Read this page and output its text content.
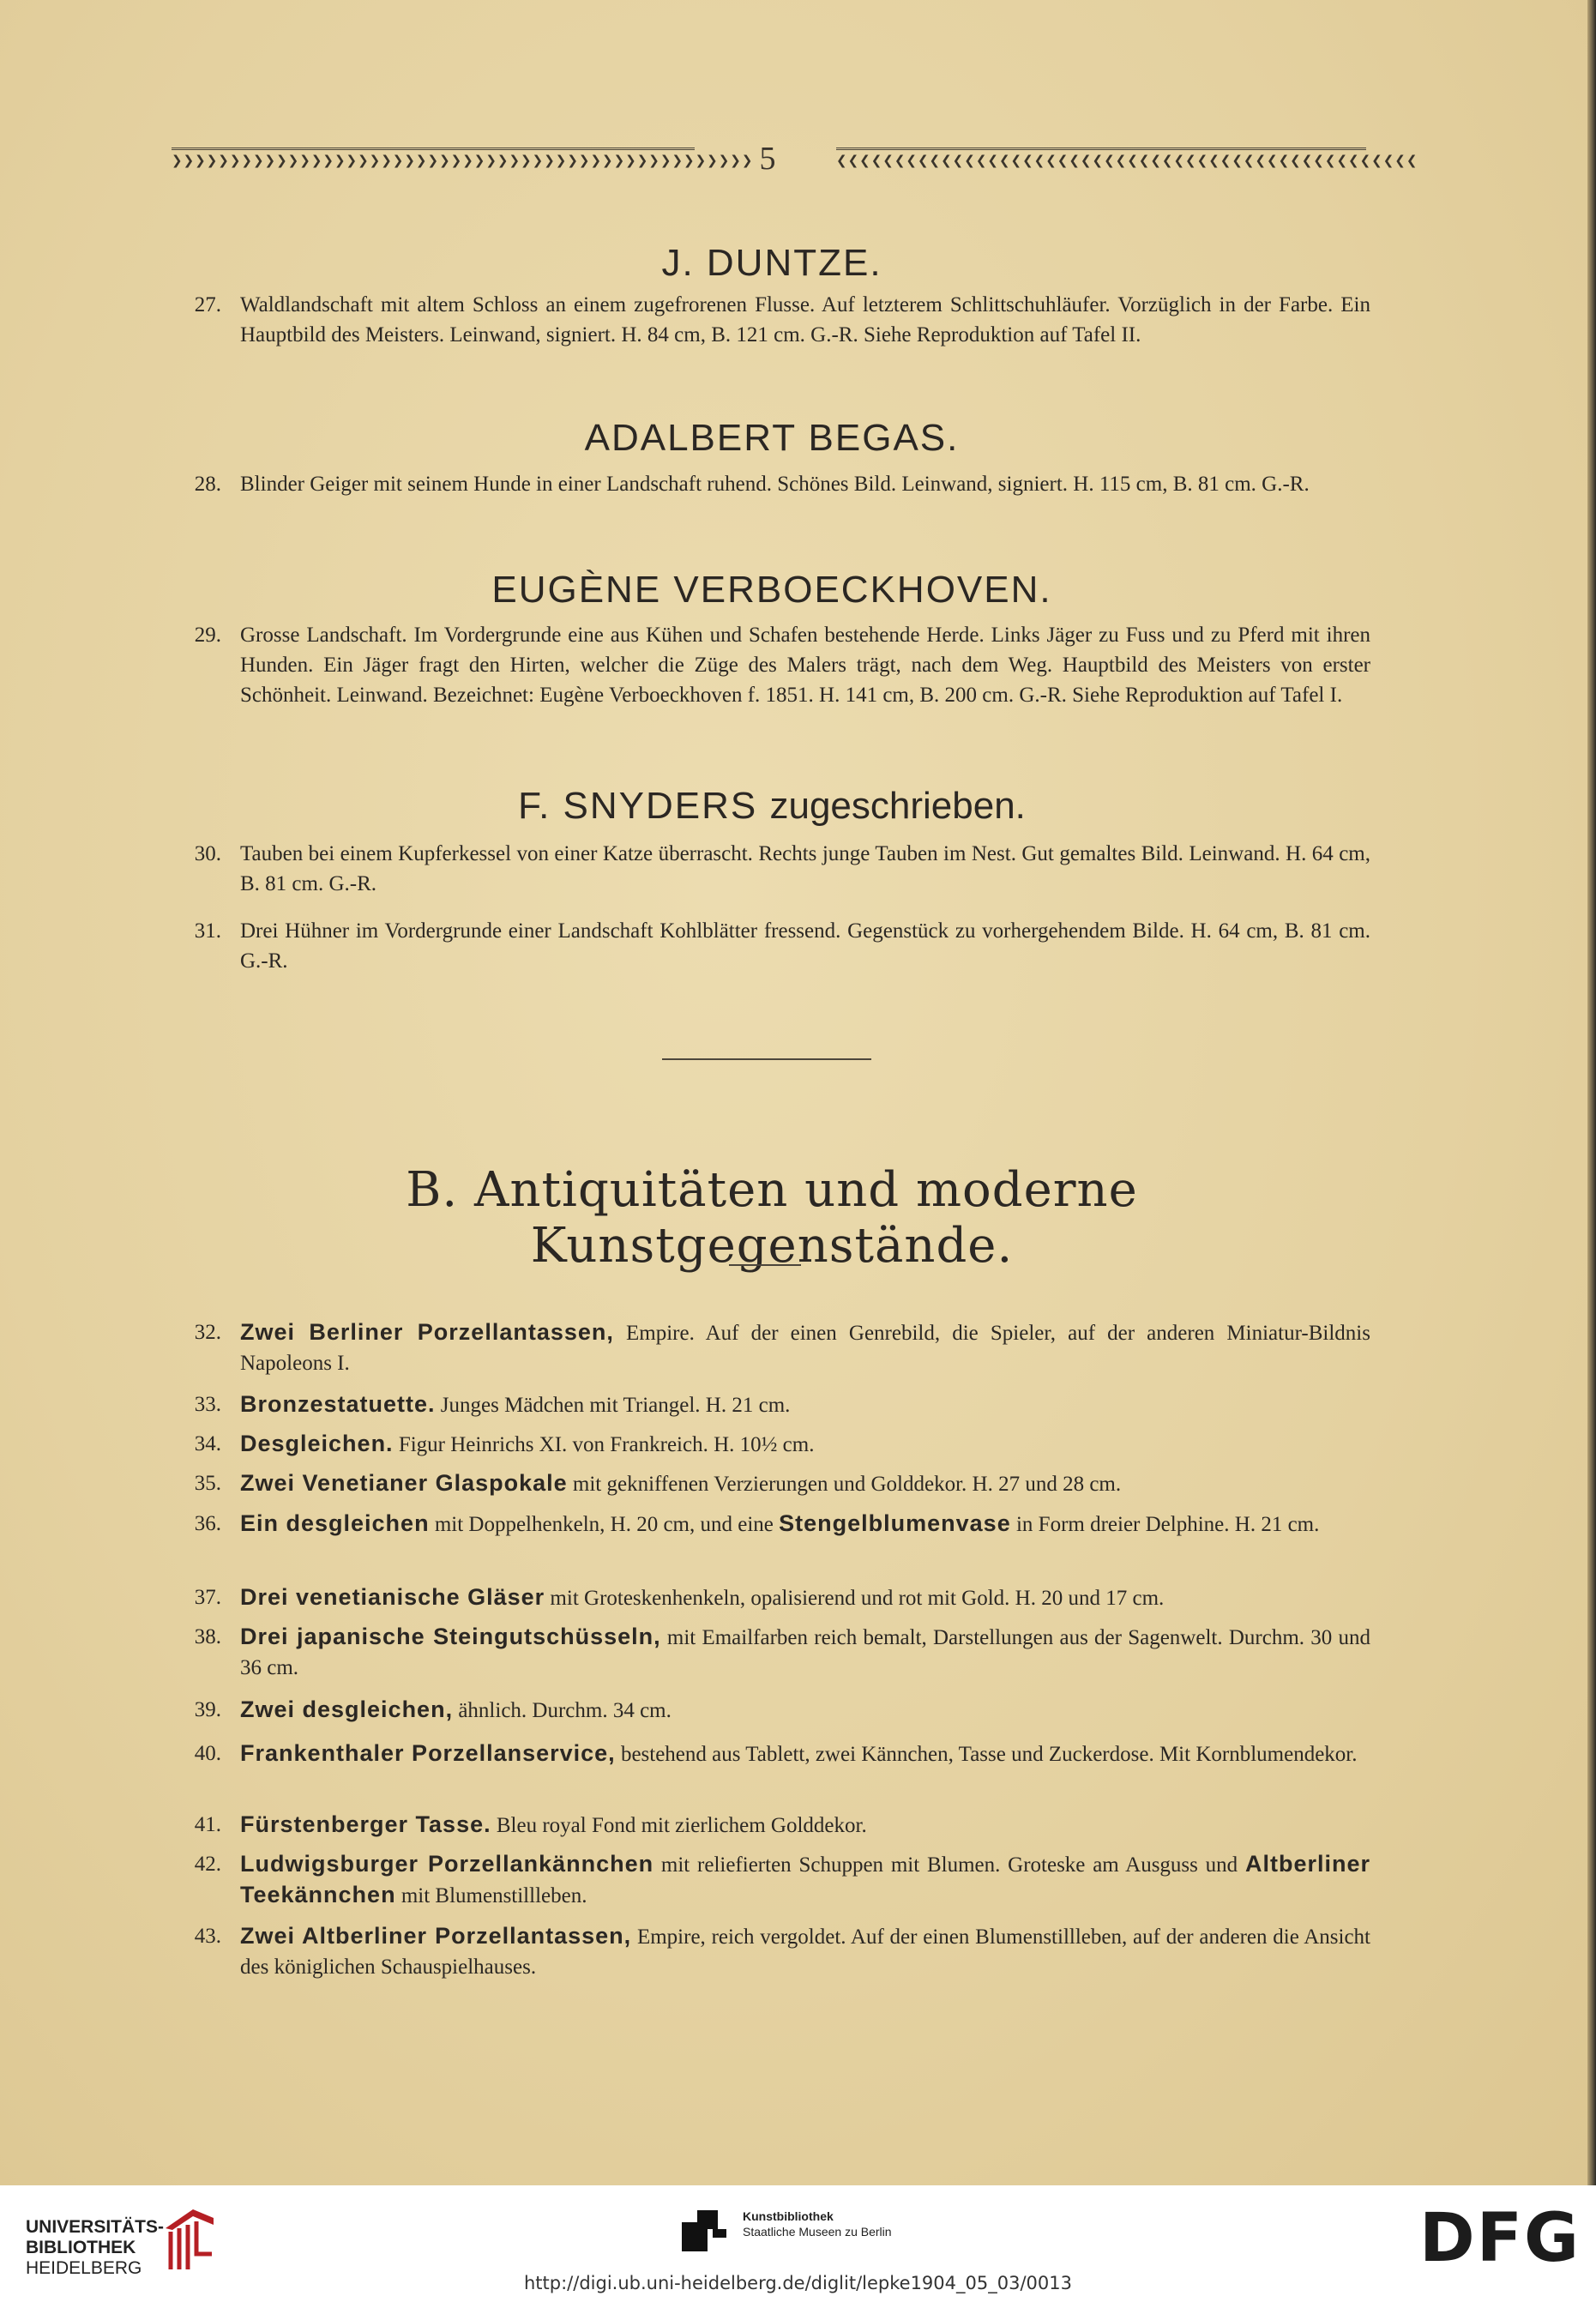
❯❯❯❯❯❯❯❯❯❯❯❯❯❯❯❯❯❯❯❯❯❯❯❯❯❯❯❯❯❯❯❯❯❯❯❯❯❯❯❯❯❯❯❯❯❯❯❯❯❯	❮❮❮❮❮❮❮❮❮❮❮❮❮❮❮❮❮❮❮❮❮❮❮❮❮❮❮❮❮❮❮❮❮❮❮❮❮❮❮❮❮❮❮❮❮❮❮❮❮❮
5
J. DUNTZE.
27. Waldlandschaft mit altem Schloss an einem zugefrorenen Flusse. Auf letzterem Schlittschuhläufer. Vorzüglich in der Farbe. Ein Hauptbild des Meisters. Leinwand, signiert. H. 84 cm, B. 121 cm. G.-R. Siehe Reproduktion auf Tafel II.
ADALBERT BEGAS.
28. Blinder Geiger mit seinem Hunde in einer Landschaft ruhend. Schönes Bild. Leinwand, signiert. H. 115 cm, B. 81 cm. G.-R.
EUGÈNE VERBOECKHOVEN.
29. Grosse Landschaft. Im Vordergrunde eine aus Kühen und Schafen bestehende Herde. Links Jäger zu Fuss und zu Pferd mit ihren Hunden. Ein Jäger fragt den Hirten, welcher die Züge des Malers trägt, nach dem Weg. Hauptbild des Meisters von erster Schönheit. Leinwand. Bezeichnet: Eugène Verboeckhoven f. 1851. H. 141 cm, B. 200 cm. G.-R. Siehe Reproduktion auf Tafel I.
F. SNYDERS zugeschrieben.
30. Tauben bei einem Kupferkessel von einer Katze überrascht. Rechts junge Tauben im Nest. Gut gemaltes Bild. Leinwand. H. 64 cm, B. 81 cm. G.-R.
31. Drei Hühner im Vordergrunde einer Landschaft Kohlblätter fressend. Gegenstück zu vorhergehendem Bilde. H. 64 cm, B. 81 cm. G.-R.
B. Antiquitäten und moderne Kunstgegenstände.
32. Zwei Berliner Porzellantassen, Empire. Auf der einen Genrebild, die Spieler, auf der anderen Miniatur-Bildnis Napoleons I.
33. Bronzestatuette. Junges Mädchen mit Triangel. H. 21 cm.
34. Desgleichen. Figur Heinrichs XI. von Frankreich. H. 10½ cm.
35. Zwei Venetianer Glaspokale mit gekniffenen Verzierungen und Golddekor. H. 27 und 28 cm.
36. Ein desgleichen mit Doppelhenkeln, H. 20 cm, und eine Stengelblumenvase in Form dreier Delphine. H. 21 cm.
37. Drei venetianische Gläser mit Groteskenhenkeln, opalisierend und rot mit Gold. H. 20 und 17 cm.
38. Drei japanische Steingutschüsseln, mit Emailfarben reich bemalt, Darstellungen aus der Sagenwelt. Durchm. 30 und 36 cm.
39. Zwei desgleichen, ähnlich. Durchm. 34 cm.
40. Frankenthaler Porzellanservice, bestehend aus Tablett, zwei Kännchen, Tasse und Zuckerdose. Mit Kornblumendekor.
41. Fürstenberger Tasse. Bleu royal Fond mit zierlichem Golddekor.
42. Ludwigsburger Porzellankännchen mit reliefierten Schuppen mit Blumen. Groteske am Ausguss und Altberliner Teekännchen mit Blumenstillleben.
43. Zwei Altberliner Porzellantassen, Empire, reich vergoldet. Auf der einen Blumenstillleben, auf der anderen die Ansicht des königlichen Schauspielhauses.
UNIVERSITÄTS-
BIBLIOTHEK
HEIDELBERG
Kunstbibliothek
Staatliche Museen zu Berlin	DFG
http://digi.ub.uni-heidelberg.de/diglit/lepke1904_05_03/0013
